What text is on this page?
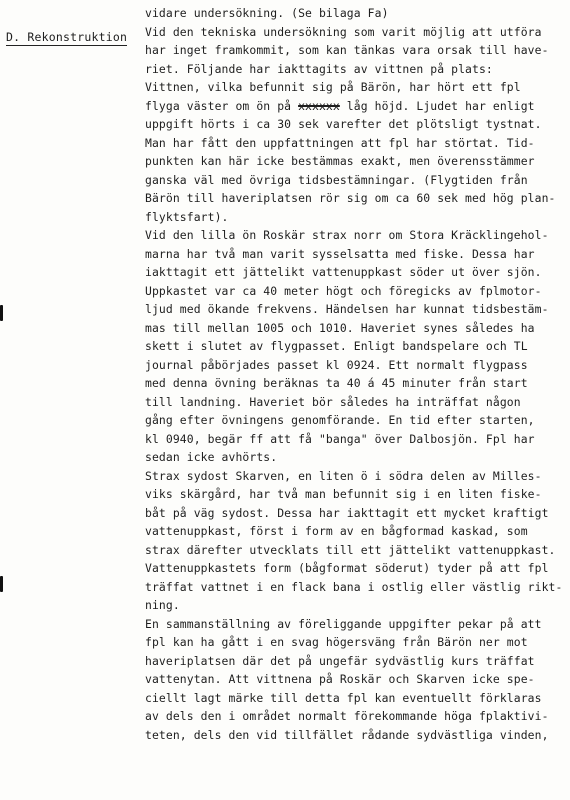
D. Rekonstruktion
vidare undersökning. (Se bilaga Fa)
Vid den tekniska undersökning som varit möjlig att utföra
har inget framkommit, som kan tänkas vara orsak till have-
riet. Följande har iakttagits av vittnen på plats:
Vittnen, vilka befunnit sig på Bärön, har hört ett fpl
flyga väster om ön på xxxxxx låg höjd. Ljudet har enligt
uppgift hörts i ca 30 sek varefter det plötsligt tystnat.
Man har fått den uppfattningen att fpl har störtat. Tid-
punkten kan här icke bestämmas exakt, men överensstämmer
ganska väl med övriga tidsbestämningar. (Flygtiden från
Bärön till haveriplatsen rör sig om ca 60 sek med hög plan-
flyktsfart).
Vid den lilla ön Roskär strax norr om Stora Kräcklingehol-
marna har två man varit sysselsatta med fiske. Dessa har
iakttagit ett jättelikt vattenuppkast söder ut över sjön.
Uppkastet var ca 40 meter högt och föregicks av fplmotor-
ljud med ökande frekvens. Händelsen har kunnat tidsbestäm-
mas till mellan 1005 och 1010. Haveriet synes således ha
skett i slutet av flygpasset. Enligt bandspelare och TL
journal påbörjades passet kl 0924. Ett normalt flygpass
med denna övning beräknas ta 40 á 45 minuter från start
till landning. Haveriet bör således ha inträffat någon
gång efter övningens genomförande. En tid efter starten,
kl 0940, begär ff att få "banga" över Dalbosjön. Fpl har
sedan icke avhörts.
Strax sydost Skarven, en liten ö i södra delen av Milles-
viks skärgård, har två man befunnit sig i en liten fiske-
båt på väg sydost. Dessa har iakttagit ett mycket kraftigt
vattenuppkast, först i form av en bågformad kaskad, som
strax därefter utvecklats till ett jättelikt vattenuppkast.
Vattenuppkastets form (bågformat söderut) tyder på att fpl
träffat vattnet i en flack bana i ostlig eller västlig rikt-
ning.
En sammanställning av föreliggande uppgifter pekar på att
fpl kan ha gått i en svag högersväng från Bärön ner mot
haveriplatsen där det på ungefär sydvästlig kurs träffat
vattenytan. Att vittnena på Roskär och Skarven icke spe-
ciellt lagt märke till detta fpl kan eventuellt förklaras
av dels den i området normalt förekommande höga fplaktivi-
teten, dels den vid tillfället rådande sydvästliga vinden,
